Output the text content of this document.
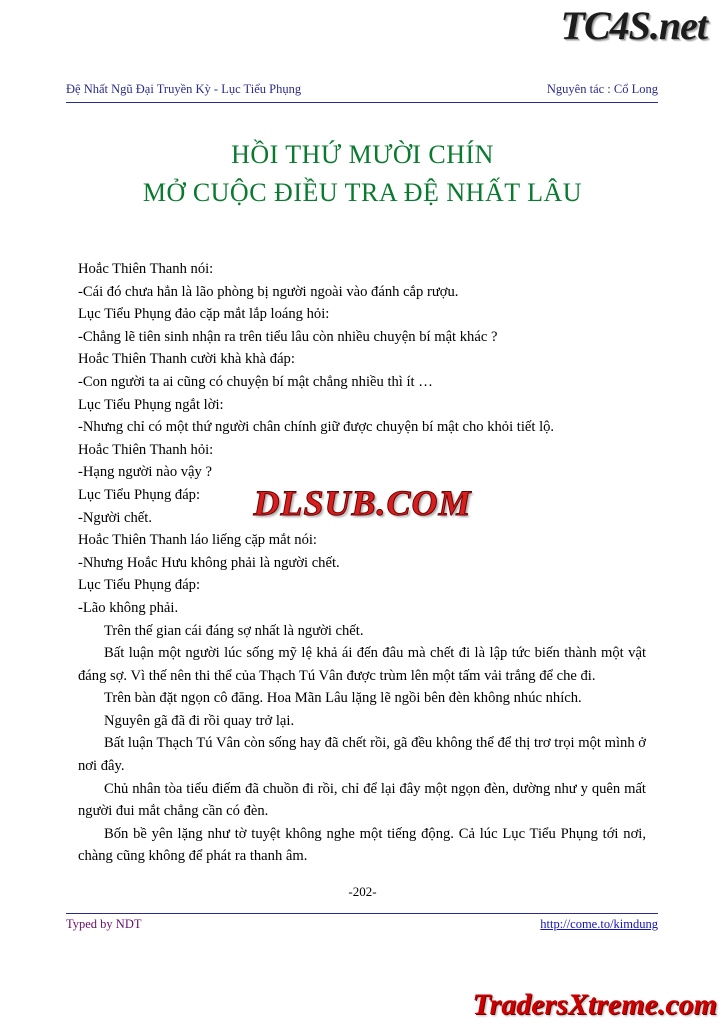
TC4S.net
Đệ Nhất Ngũ Đại Truyền Kỳ - Lục Tiểu Phụng	Nguyên tác : Cổ Long
HỒI THỨ MƯỜI CHÍN
MỞ CUỘC ĐIỀU TRA ĐỆ NHẤT LÂU

Hoắc Thiên Thanh nói:

-Cái đó chưa hẳn là lão phòng bị người ngoài vào đánh cắp rượu.

Lục Tiểu Phụng đảo cặp mắt lắp loáng hỏi:

-Chẳng lẽ tiên sinh nhận ra trên tiểu lâu còn nhiều chuyện bí mật khác ?

Hoắc Thiên Thanh cười khà khà đáp:

-Con người ta ai cũng có chuyện bí mật chẳng nhiều thì ít …

Lục Tiểu Phụng ngắt lời:

-Nhưng chỉ có một thứ người chân chính giữ được chuyện bí mật cho khỏi tiết lộ.

Hoắc Thiên Thanh hỏi:

-Hạng người nào vậy ?

Lục Tiểu Phụng đáp:

-Người chết.

Hoắc Thiên Thanh láo liếng cặp mắt nói:

-Nhưng Hoắc Hưu không phải là người chết.

Lục Tiểu Phụng đáp:

-Lão không phải.

Trên thế gian cái đáng sợ nhất là người chết.

Bất luận một người lúc sống mỹ lệ khả ái đến đâu mà chết đi là lập tức biến thành một vật đáng sợ. Vì thế nên thi thể của Thạch Tú Vân được trùm lên một tấm vải trắng để che đi.

Trên bàn đặt ngọn cô đăng. Hoa Mãn Lâu lặng lẽ ngồi bên đèn không nhúc nhích.

Nguyên gã đã đi rồi quay trở lại.

Bất luận Thạch Tú Vân còn sống hay đã chết rồi, gã đều không thể để thị trơ trọi một mình ở nơi đây.

Chủ nhân tòa tiểu điếm đã chuồn đi rồi, chỉ để lại đây một ngọn đèn, dường như y quên mất người đui mắt chẳng cần có đèn.

Bốn bề yên lặng như tờ tuyệt không nghe một tiếng động. Cả lúc Lục Tiểu Phụng tới nơi, chàng cũng không để phát ra thanh âm.

DLSUB.COM
-202-
Typed by NDT	http://come.to/kimdung
TradersXtreme.com
